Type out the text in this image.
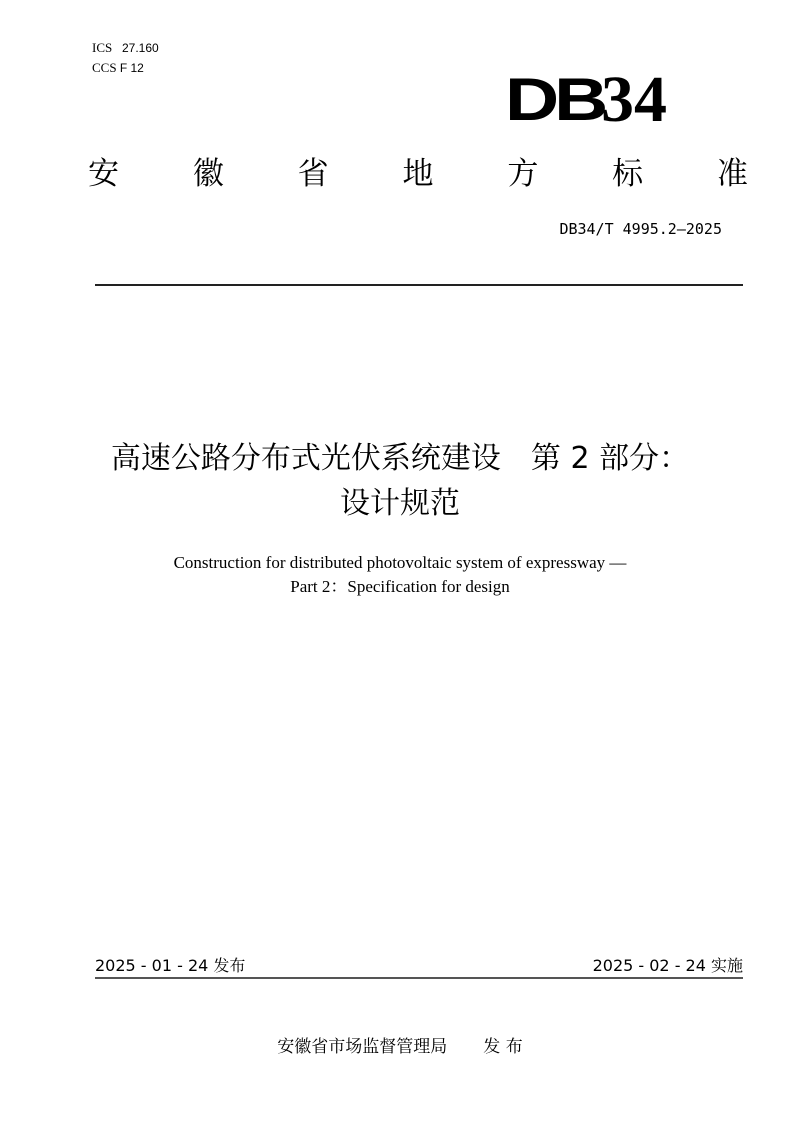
ICS 27.160
CCS F 12	DB
34
安 徽 省 地 方 标 准
DB34/T 4995.2—2025
高速公路分布式光伏系统建设　第 2 部分：
设计规范
Construction for distributed photovoltaic system of expressway —
Part 2：Specification for design
2025 - 01 - 24 发布	2025 - 02 - 24 实施
安徽省市场监督管理局 发 布
